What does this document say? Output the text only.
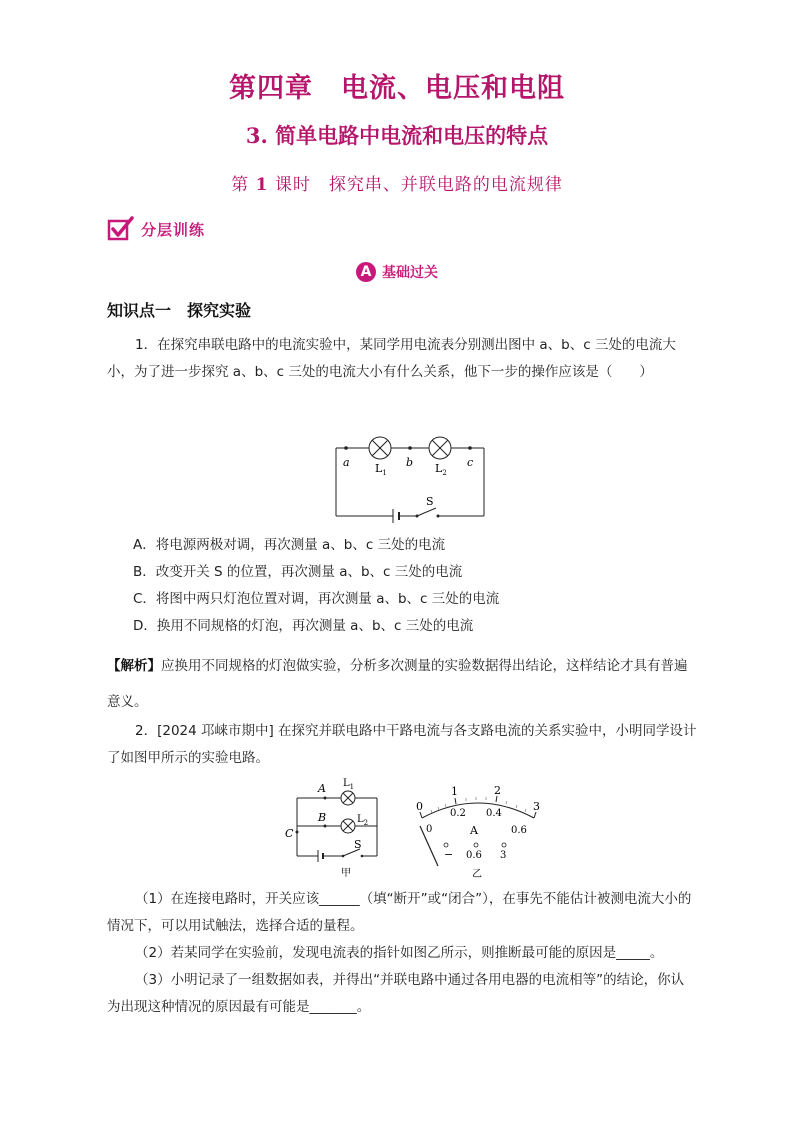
第四章　电流、电压和电阻
3. 简单电路中电流和电压的特点
第 1 课时　探究串、并联电路的电流规律
分层训练
A 基础过关
知识点一　探究实验
1．在探究串联电路中的电流实验中，某同学用电流表分别测出图中 a、b、c 三处的电流大小，为了进一步探究 a、b、c 三处的电流大小有什么关系，他下一步的操作应该是（　　）
a	b	c
$L_1$	$L_2$
S
A．将电源两极对调，再次测量 a、b、c 三处的电流
B．改变开关 S 的位置，再次测量 a、b、c 三处的电流
C．将图中两只灯泡位置对调，再次测量 a、b、c 三处的电流
D．换用不同规格的灯泡，再次测量 a、b、c 三处的电流
【解析】应换用不同规格的灯泡做实验，分析多次测量的实验数据得出结论，这样结论才具有普遍意义。
2．[2024 邛崃市期中] 在探究并联电路中干路电流与各支路电流的关系实验中，小明同学设计了如图甲所示的实验电路。
A
B
C
$L_1$
$L_2$
S
甲
0
1	2
3
0
0.2 0.4
0.6
A
− 0.6 3
乙
（1）在连接电路时，开关应该______（填“断开”或“闭合”），在事先不能估计被测电流大小的情况下，可以用试触法，选择合适的量程。
（2）若某同学在实验前，发现电流表的指针如图乙所示，则推断最可能的原因是_____。
（3）小明记录了一组数据如表，并得出“并联电路中通过各用电器的电流相等”的结论，你认为出现这种情况的原因最有可能是_______。
